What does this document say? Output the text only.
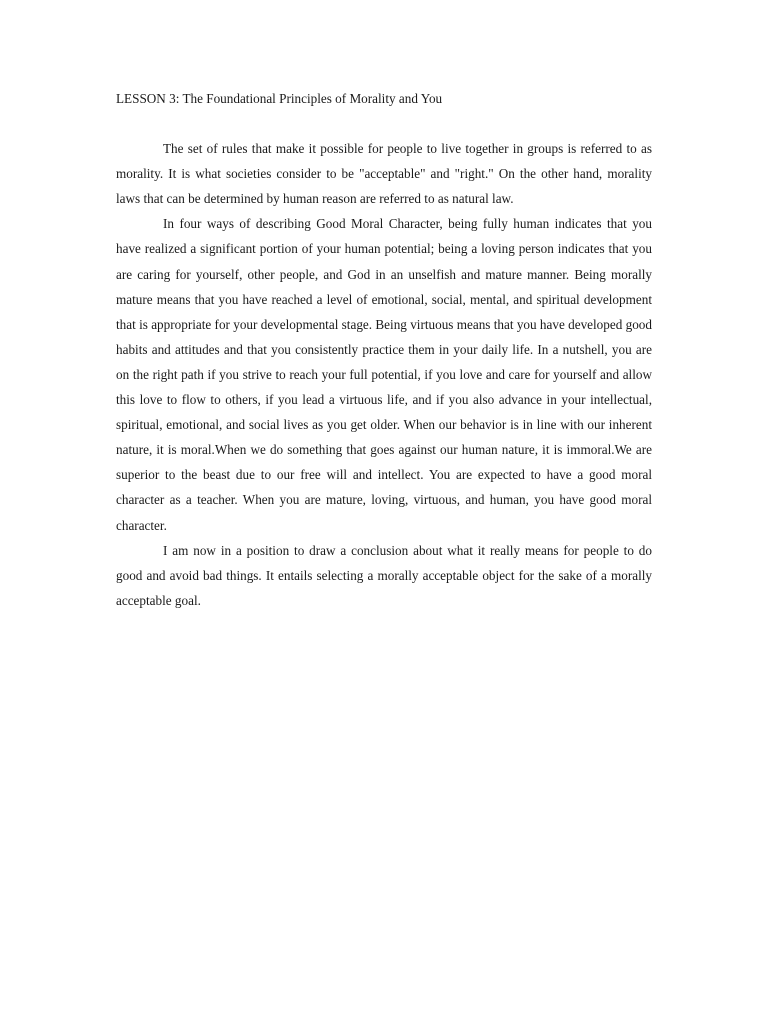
LESSON 3: The Foundational Principles of Morality and You

The set of rules that make it possible for people to live together in groups is referred to as morality. It is what societies consider to be "acceptable" and "right." On the other hand, morality laws that can be determined by human reason are referred to as natural law.

In four ways of describing Good Moral Character, being fully human indicates that you have realized a significant portion of your human potential; being a loving person indicates that you are caring for yourself, other people, and God in an unselfish and mature manner. Being morally mature means that you have reached a level of emotional, social, mental, and spiritual development that is appropriate for your developmental stage. Being virtuous means that you have developed good habits and attitudes and that you consistently practice them in your daily life. In a nutshell, you are on the right path if you strive to reach your full potential, if you love and care for yourself and allow this love to flow to others, if you lead a virtuous life, and if you also advance in your intellectual, spiritual, emotional, and social lives as you get older. When our behavior is in line with our inherent nature, it is moral.When we do something that goes against our human nature, it is immoral.We are superior to the beast due to our free will and intellect. You are expected to have a good moral character as a teacher. When you are mature, loving, virtuous, and human, you have good moral character.

I am now in a position to draw a conclusion about what it really means for people to do good and avoid bad things. It entails selecting a morally acceptable object for the sake of a morally acceptable goal.
